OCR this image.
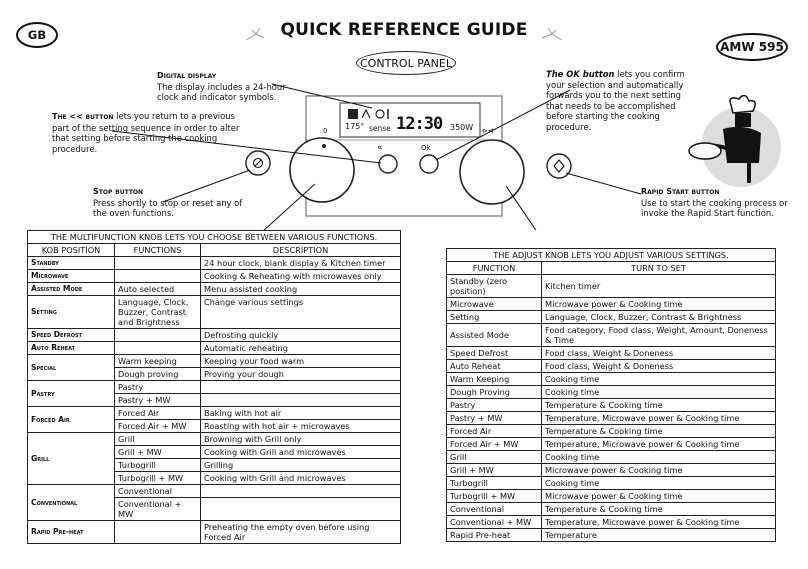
GB	QUICK REFERENCE GUIDE
AMW 595
CONTROL PANEL
«	Ok
0	⊳⊲
175° sense 12:30 350W
Digital display
The display includes a 24-hour clock and indicator symbols.
The << button lets you return to a previous part of the setting sequence in order to alter that setting before starting the cooking procedure.
The OK button lets you confirm your selection and automatically forwards you to the next setting that needs to be accomplished before starting the cooking procedure.
Stop button
Press shortly to stop or reset any of the oven functions.
Rapid Start button
Use to start the cooking process or invoke the Rapid Start function.
THE MULTIFUNCTION KNOB LETS YOU CHOOSE BETWEEN VARIOUS FUNCTIONS.		
KOB POSITION	FUNCTIONS	DESCRIPTION
Standby		24 hour clock, blank display & Kitchen timer
Microwave		Cooking & Reheating with microwaves only
Assisted Mode	Auto selected	Menu assisted cooking
Setting	Language, Clock, Buzzer, Contrast and Brightness	Change various settings
Speed Defrost		Defrosting quickly
Auto Reheat		Automatic reheating
Special	Warm keeping	Keeping your food warm
	Dough proving	Proving your dough
Pastry	Pastry	
	Pastry + MW	
Forced Air	Forced Air	Baking with hot air
	Forced Air + MW	Roasting with hot air + microwaves
Grill	Grill	Browning with Grill only
	Grill + MW	Cooking with Grill and microwaves
	Turbogrill	Grilling
	Turbogrill + MW	Cooking with Grill and microwaves
Conventional	Conventional	
	Conventional + MW	
Rapid Pre-heat		Preheating the empty oven before using Forced Air
THE ADJUST KNOB LETS YOU ADJUST VARIOUS SETTINGS.	
FUNCTION	TURN TO SET
Standby (zero position)	Kitchen timer
Microwave	Microwave power & Cooking time
Setting	Language, Clock, Buzzer, Contrast & Brightness
Assisted Mode	Food category, Food class, Weight, Amount, Doneness & Time
Speed Defrost	Food class, Weight & Doneness
Auto Reheat	Food class, Weight & Doneness
Warm Keeping	Cooking time
Dough Proving	Cooking time
Pastry	Temperature & Cooking time
Pastry + MW	Temperature, Microwave power & Cooking time
Forced Air	Temperature & Cooking time
Forced Air + MW	Temperature, Microwave power & Cooking time
Grill	Cooking time
Grill + MW	Microwave power & Cooking time
Turbogrill	Cooking time
Turbogrill + MW	Microwave power & Cooking time
Conventional	Temperature & Cooking time
Conventional + MW	Temperature, Microwave power & Cooking time
Rapid Pre-heat	Temperature
